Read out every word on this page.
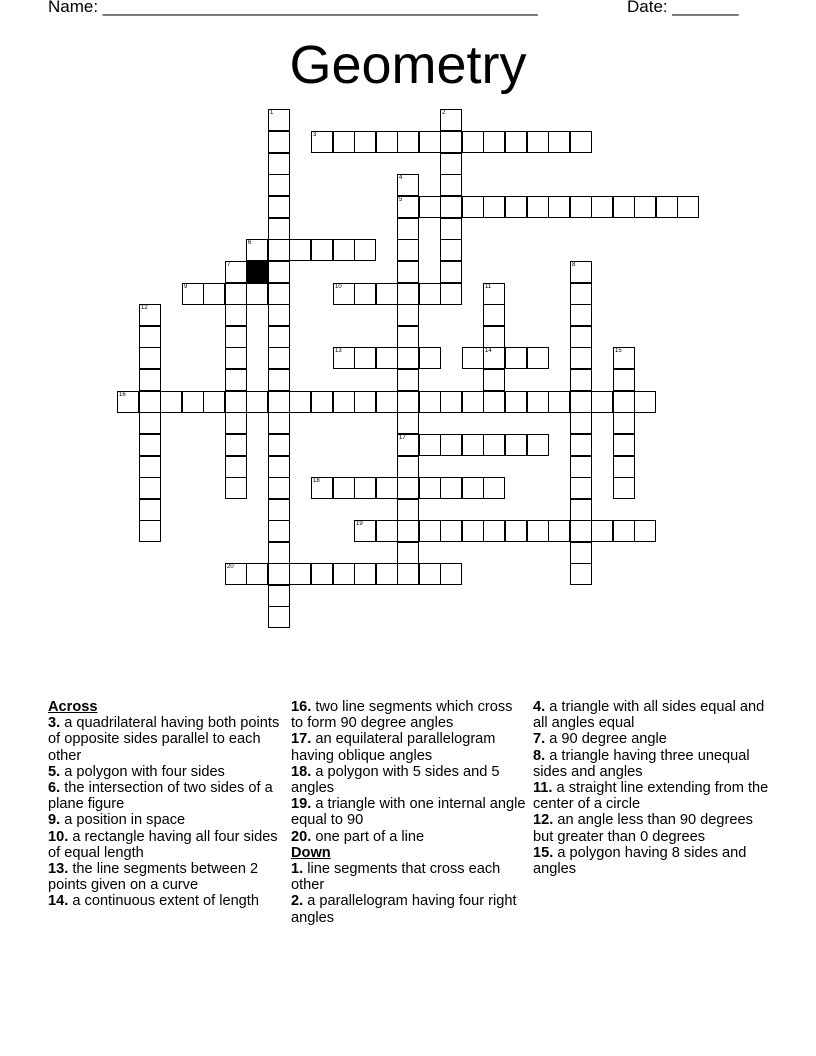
Name: ______________________________________________	Date: _______
Geometry
1	2
3
4
5
17
6
7	8
9	10	11
14
12
13	15
16
18
19
20
Across
3. a quadrilateral having both points of opposite sides parallel to each other
5. a polygon with four sides
6. the intersection of two sides of a plane figure
9. a position in space
10. a rectangle having all four sides of equal length
13. the line segments between 2 points given on a curve
14. a continuous extent of length
16. two line segments which cross to form 90 degree angles
17. an equilateral parallelogram having oblique angles
18. a polygon with 5 sides and 5 angles
19. a triangle with one internal angle equal to 90
20. one part of a line
Down
1. line segments that cross each other
2. a parallelogram having four right angles
4. a triangle with all sides equal and all angles equal
7. a 90 degree angle
8. a triangle having three unequal sides and angles
11. a straight line extending from the center of a circle
12. an angle less than 90 degrees but greater than 0 degrees
15. a polygon having 8 sides and angles
